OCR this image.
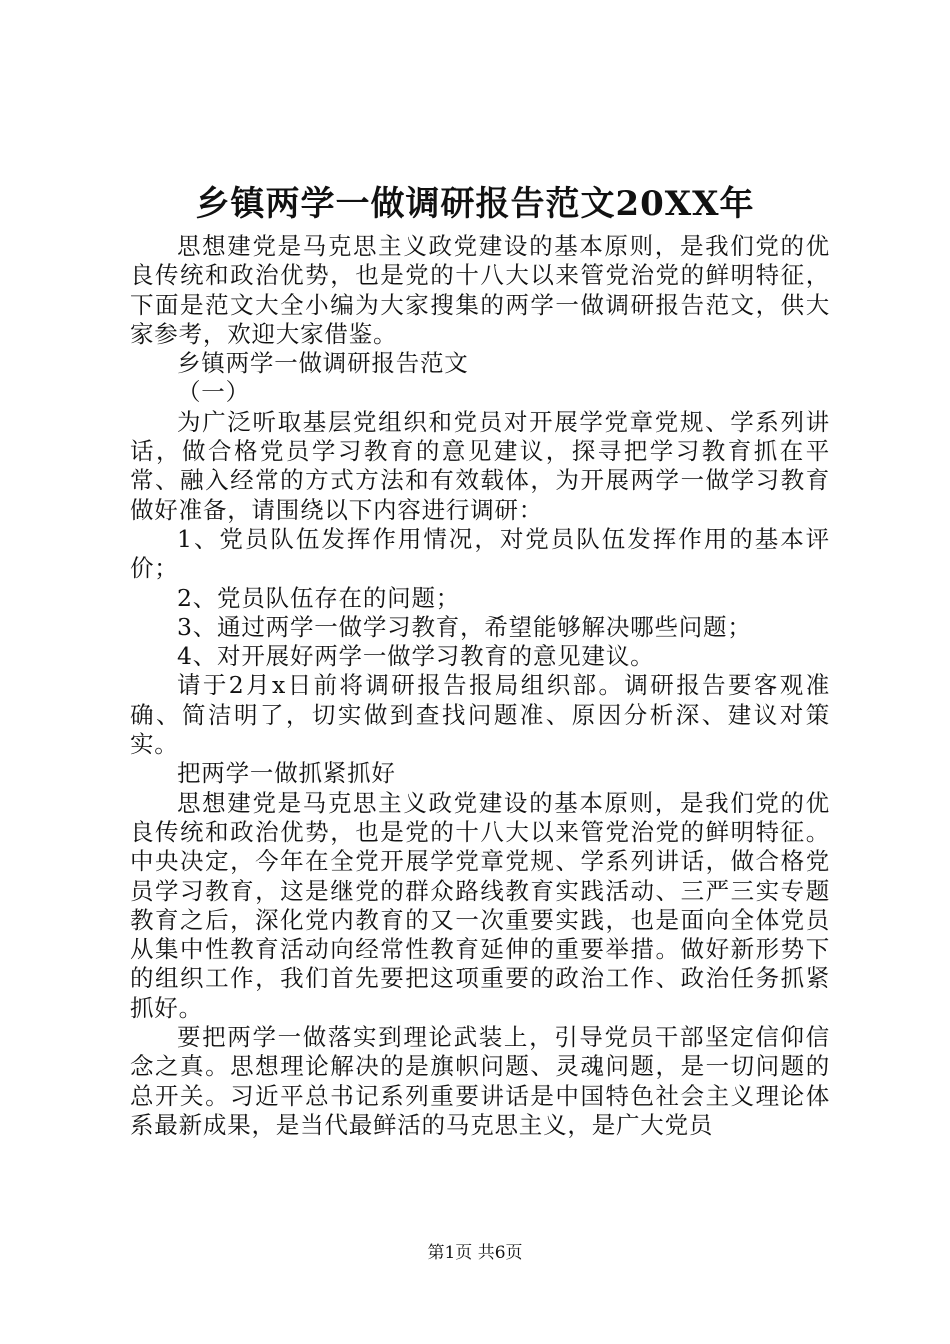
乡镇两学一做调研报告范文20XX年

思想建党是马克思主义政党建设的基本原则，是我们党的优良传统和政治优势，也是党的十八大以来管党治党的鲜明特征，下面是范文大全小编为大家搜集的两学一做调研报告范文，供大家参考，欢迎大家借鉴。

乡镇两学一做调研报告范文

（一）

为广泛听取基层党组织和党员对开展学党章党规、学系列讲话，做合格党员学习教育的意见建议，探寻把学习教育抓在平常、融入经常的方式方法和有效载体，为开展两学一做学习教育做好准备，请围绕以下内容进行调研：

1、党员队伍发挥作用情况，对党员队伍发挥作用的基本评价；

2、党员队伍存在的问题；

3、通过两学一做学习教育，希望能够解决哪些问题；

4、对开展好两学一做学习教育的意见建议。

请于2月x日前将调研报告报局组织部。调研报告要客观准确、简洁明了，切实做到查找问题准、原因分析深、建议对策实。

把两学一做抓紧抓好

思想建党是马克思主义政党建设的基本原则，是我们党的优良传统和政治优势，也是党的十八大以来管党治党的鲜明特征。中央决定，今年在全党开展学党章党规、学系列讲话，做合格党员学习教育，这是继党的群众路线教育实践活动、三严三实专题教育之后，深化党内教育的又一次重要实践，也是面向全体党员从集中性教育活动向经常性教育延伸的重要举措。做好新形势下的组织工作，我们首先要把这项重要的政治工作、政治任务抓紧抓好。

要把两学一做落实到理论武装上，引导党员干部坚定信仰信念之真。思想理论解决的是旗帜问题、灵魂问题，是一切问题的总开关。习近平总书记系列重要讲话是中国特色社会主义理论体系最新成果，是当代最鲜活的马克思主义，是广大党员

第1页 共6页
